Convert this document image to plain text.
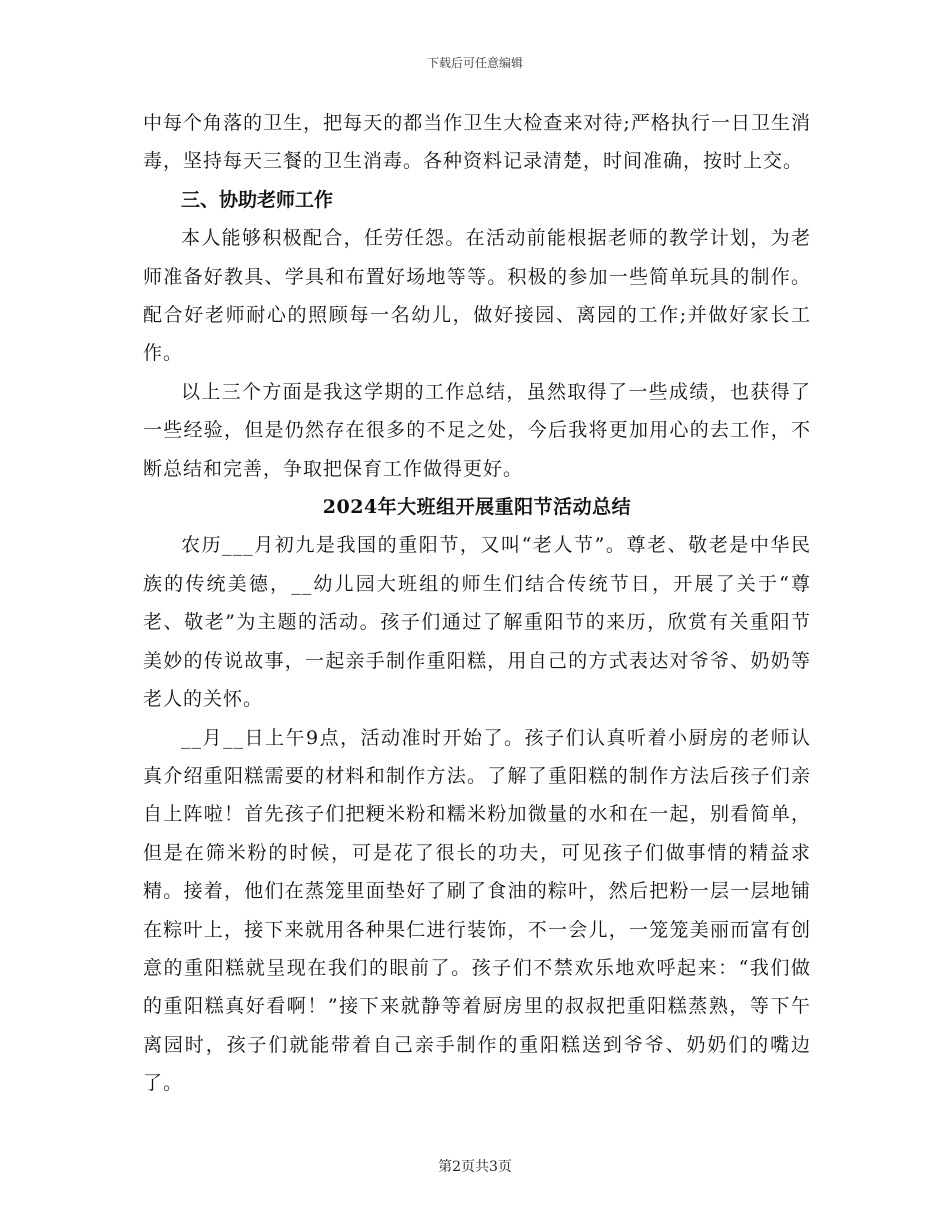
下载后可任意编辑

中每个角落的卫生，把每天的都当作卫生大检查来对待;严格执行一日卫生消毒，坚持每天三餐的卫生消毒。各种资料记录清楚，时间准确，按时上交。

三、协助老师工作

本人能够积极配合，任劳任怨。在活动前能根据老师的教学计划，为老师准备好教具、学具和布置好场地等等。积极的参加一些简单玩具的制作。配合好老师耐心的照顾每一名幼儿，做好接园、离园的工作;并做好家长工作。

以上三个方面是我这学期的工作总结，虽然取得了一些成绩，也获得了一些经验，但是仍然存在很多的不足之处，今后我将更加用心的去工作，不断总结和完善，争取把保育工作做得更好。

2024年大班组开展重阳节活动总结

农历___月初九是我国的重阳节，又叫“老人节”。尊老、敬老是中华民族的传统美德，__幼儿园大班组的师生们结合传统节日，开展了关于“尊老、敬老”为主题的活动。孩子们通过了解重阳节的来历，欣赏有关重阳节美妙的传说故事，一起亲手制作重阳糕，用自己的方式表达对爷爷、奶奶等老人的关怀。

__月__日上午9点，活动准时开始了。孩子们认真听着小厨房的老师认真介绍重阳糕需要的材料和制作方法。了解了重阳糕的制作方法后孩子们亲自上阵啦！首先孩子们把粳米粉和糯米粉加微量的水和在一起，别看简单，但是在筛米粉的时候，可是花了很长的功夫，可见孩子们做事情的精益求精。接着，他们在蒸笼里面垫好了刷了食油的粽叶，然后把粉一层一层地铺在粽叶上，接下来就用各种果仁进行装饰，不一会儿，一笼笼美丽而富有创意的重阳糕就呈现在我们的眼前了。孩子们不禁欢乐地欢呼起来：“我们做的重阳糕真好看啊！”接下来就静等着厨房里的叔叔把重阳糕蒸熟，等下午离园时，孩子们就能带着自己亲手制作的重阳糕送到爷爷、奶奶们的嘴边了。

第2页共3页
